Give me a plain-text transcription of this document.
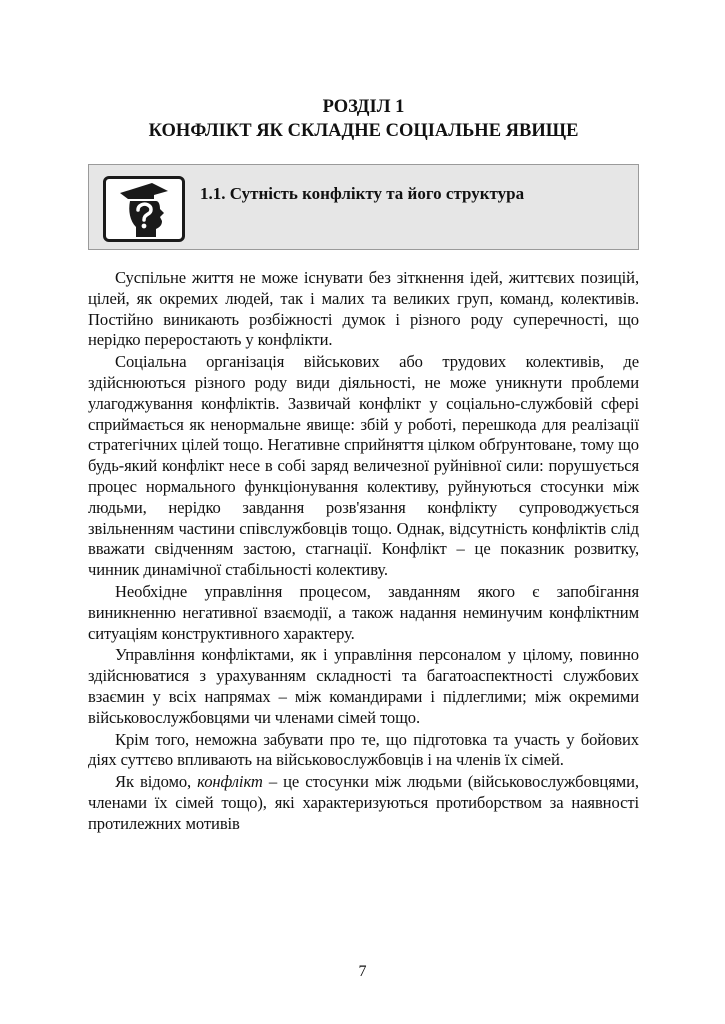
РОЗДІЛ 1
КОНФЛІКТ ЯК СКЛАДНЕ СОЦІАЛЬНЕ ЯВИЩЕ
1.1. Сутність конфлікту та його структура

Суспільне життя не може існувати без зіткнення ідей, життєвих позицій, цілей, як окремих людей, так і малих та великих груп, команд, колективів. Постійно виникають розбіжності думок і різного роду суперечності, що нерідко переростають у конфлікти.

Соціальна організація військових або трудових колективів, де здійснюються різного роду види діяльності, не може уникнути проблеми улагоджування конфліктів. Зазвичай конфлікт у соціально-службовій сфері сприймається як ненормальне явище: збій у роботі, перешкода для реалізації стратегічних цілей тощо. Негативне сприйняття цілком обґрунтоване, тому що будь-який конфлікт несе в собі заряд величезної руйнівної сили: порушується процес нормального функціонування колективу, руйнуються стосунки між людьми, нерідко завдання розв'язання конфлікту супроводжується звільненням частини співслужбовців тощо. Однак, відсутність конфліктів слід вважати свідченням застою, стагнації. Конфлікт – це показник розвитку, чинник динамічної стабільності колективу.

Необхідне управління процесом, завданням якого є запобігання виникненню негативної взаємодії, а також надання неминучим конфліктним ситуаціям конструктивного характеру.

Управління конфліктами, як і управління персоналом у цілому, повинно здійснюватися з урахуванням складності та багатоаспектності службових взаємин у всіх напрямах – між командирами і підлеглими; між окремими військовослужбовцями чи членами сімей тощо.

Крім того, неможна забувати про те, що підготовка та участь у бойових діях суттєво впливають на військовослужбовців і на членів їх сімей.

Як відомо, конфлікт – це стосунки між людьми (військовослужбовцями, членами їх сімей тощо), які характеризуються протиборством за наявності протилежних мотивів

7
